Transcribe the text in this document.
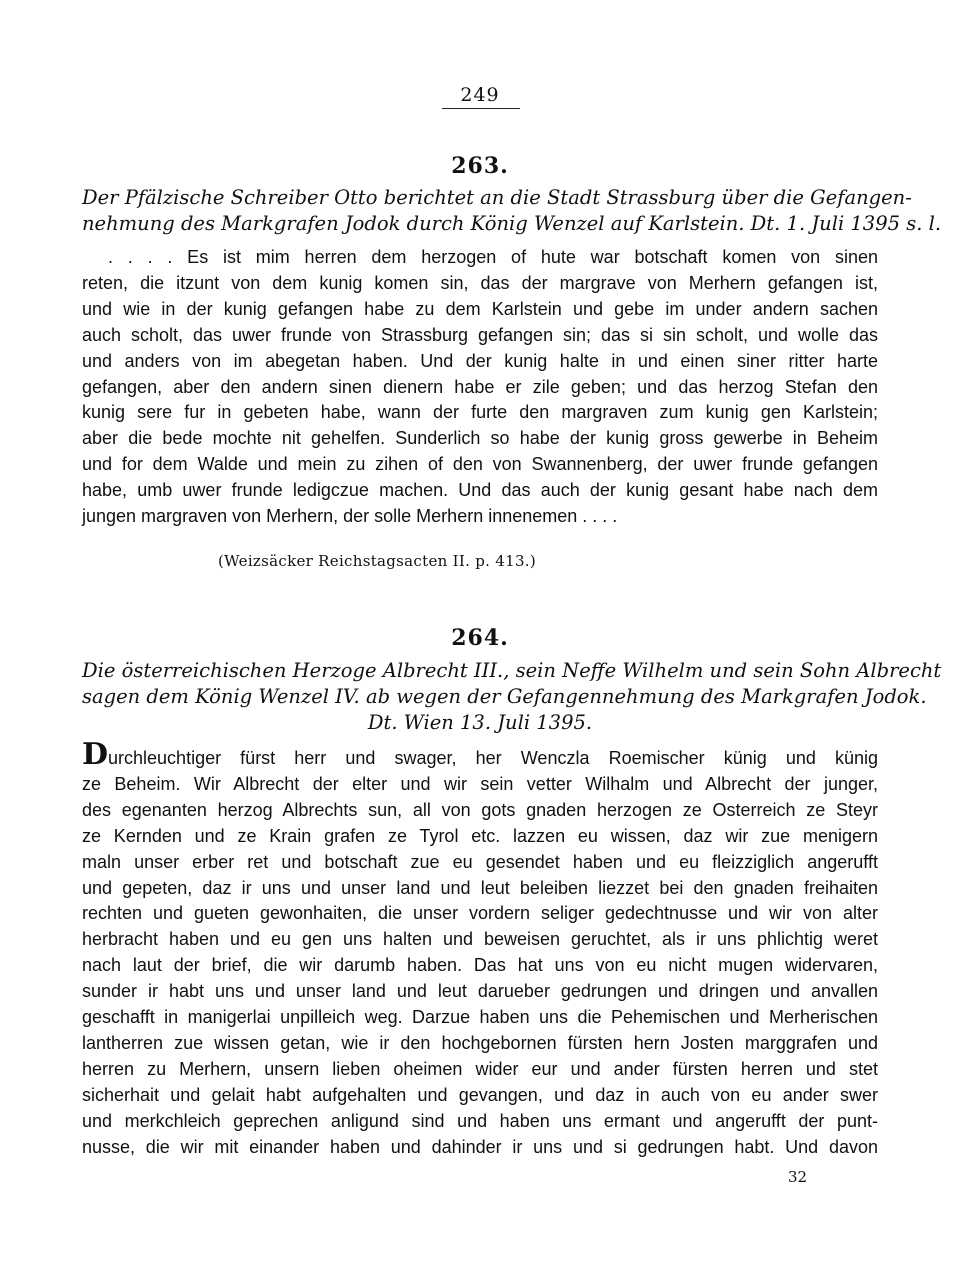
249
263.
Der Pfälzische Schreiber Otto berichtet an die Stadt Strassburg über die Gefangen-
nehmung des Markgrafen Jodok durch König Wenzel auf Karlstein. Dt. 1. Juli 1395 s. l.
. . . . Es ist mim herren dem herzogen of hute war botschaft komen von sinen
reten, die itzunt von dem kunig komen sin, das der margrave von Merhern gefangen ist,
und wie in der kunig gefangen habe zu dem Karlstein und gebe im under andern sachen
auch scholt, das uwer frunde von Strassburg gefangen sin; das si sin scholt, und wolle das
und anders von im abegetan haben. Und der kunig halte in und einen siner ritter harte
gefangen, aber den andern sinen dienern habe er zile geben; und das herzog Stefan den
kunig sere fur in gebeten habe, wann der furte den margraven zum kunig gen Karlstein;
aber die bede mochte nit gehelfen. Sunderlich so habe der kunig gross gewerbe in Beheim
und for dem Walde und mein zu zihen of den von Swannenberg, der uwer frunde gefangen
habe, umb uwer frunde ledigczue machen. Und das auch der kunig gesant habe nach dem
jungen margraven von Merhern, der solle Merhern innenemen . . . .
(Weizsäcker Reichstagsacten II. p. 413.)
264.
Die österreichischen Herzoge Albrecht III., sein Neffe Wilhelm und sein Sohn Albrecht
sagen dem König Wenzel IV. ab wegen der Gefangennehmung des Markgrafen Jodok.
Dt. Wien 13. Juli 1395.
Durchleuchtiger fürst herr und swager, her Wenczla Roemischer künig und künig
ze Beheim. Wir Albrecht der elter und wir sein vetter Wilhalm und Albrecht der junger,
des egenanten herzog Albrechts sun, all von gots gnaden herzogen ze Osterreich ze Steyr
ze Kernden und ze Krain grafen ze Tyrol etc. lazzen eu wissen, daz wir zue menigern
maln unser erber ret und botschaft zue eu gesendet haben und eu fleizziglich angerufft
und gepeten, daz ir uns und unser land und leut beleiben liezzet bei den gnaden freihaiten
rechten und gueten gewonhaiten, die unser vordern seliger gedechtnusse und wir von alter
herbracht haben und eu gen uns halten und beweisen geruchtet, als ir uns phlichtig weret
nach laut der brief, die wir darumb haben. Das hat uns von eu nicht mugen widervaren,
sunder ir habt uns und unser land und leut darueber gedrungen und dringen und anvallen
geschafft in manigerlai unpilleich weg. Darzue haben uns die Pehemischen und Merherischen
lantherren zue wissen getan, wie ir den hochgebornen fürsten hern Josten marggrafen und
herren zu Merhern, unsern lieben oheimen wider eur und ander fürsten herren und stet
sicherhait und gelait habt aufgehalten und gevangen, und daz in auch von eu ander swer
und merkchleich geprechen anligund sind und haben uns ermant und angerufft der punt-
nusse, die wir mit einander haben und dahinder ir uns und si gedrungen habt. Und davon
32
